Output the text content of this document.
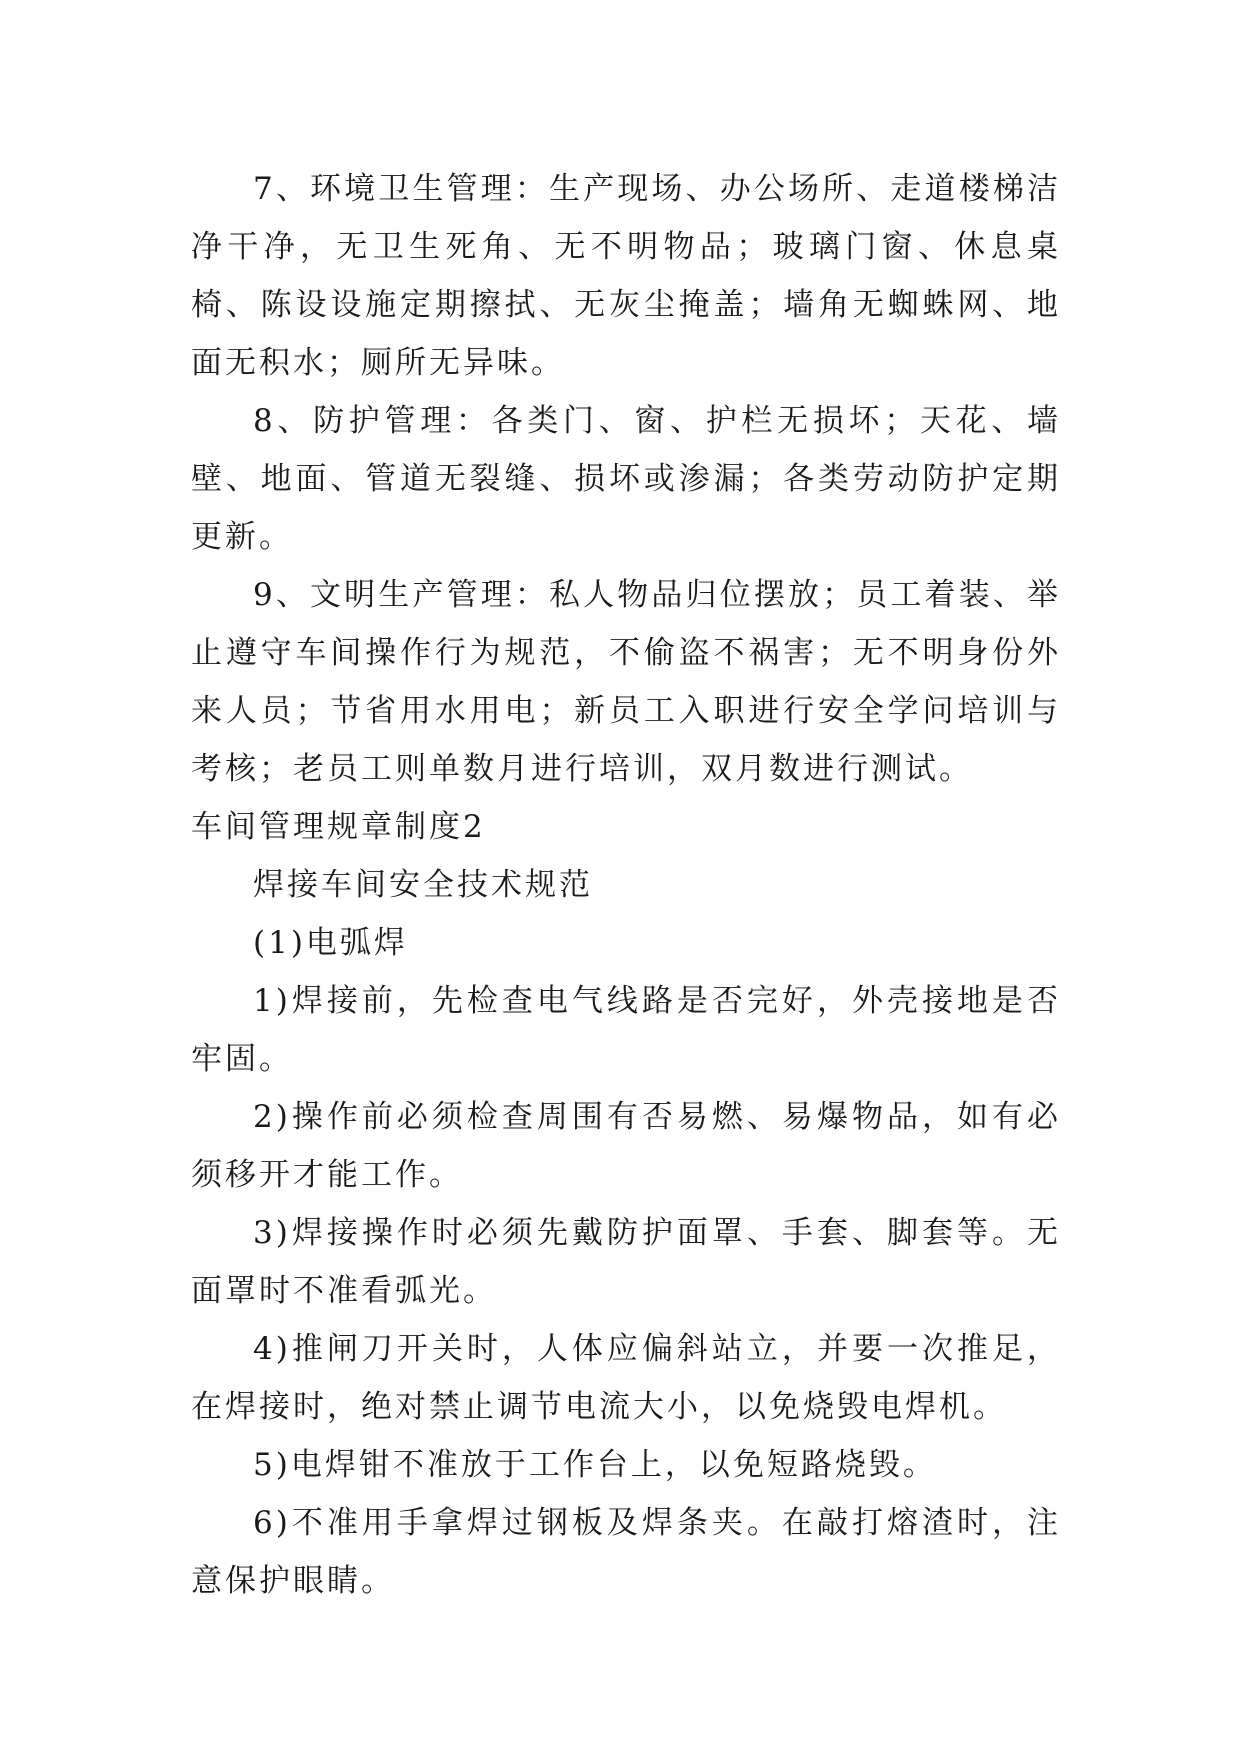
7、环境卫生管理：生产现场、办公场所、走道楼梯洁净干净，无卫生死角、无不明物品；玻璃门窗、休息桌椅、陈设设施定期擦拭、无灰尘掩盖；墙角无蜘蛛网、地面无积水；厕所无异味。

8、防护管理：各类门、窗、护栏无损坏；天花、墙壁、地面、管道无裂缝、损坏或渗漏；各类劳动防护定期更新。

9、文明生产管理：私人物品归位摆放；员工着装、举止遵守车间操作行为规范，不偷盗不祸害；无不明身份外来人员；节省用水用电；新员工入职进行安全学问培训与考核；老员工则单数月进行培训，双月数进行测试。

车间管理规章制度2

焊接车间安全技术规范

(1)电弧焊

1)焊接前，先检查电气线路是否完好，外壳接地是否牢固。

2)操作前必须检查周围有否易燃、易爆物品，如有必须移开才能工作。

3)焊接操作时必须先戴防护面罩、手套、脚套等。无面罩时不准看弧光。

4)推闸刀开关时，人体应偏斜站立，并要一次推足，在焊接时，绝对禁止调节电流大小，以免烧毁电焊机。

5)电焊钳不准放于工作台上，以免短路烧毁。

6)不准用手拿焊过钢板及焊条夹。在敲打熔渣时，注意保护眼睛。
